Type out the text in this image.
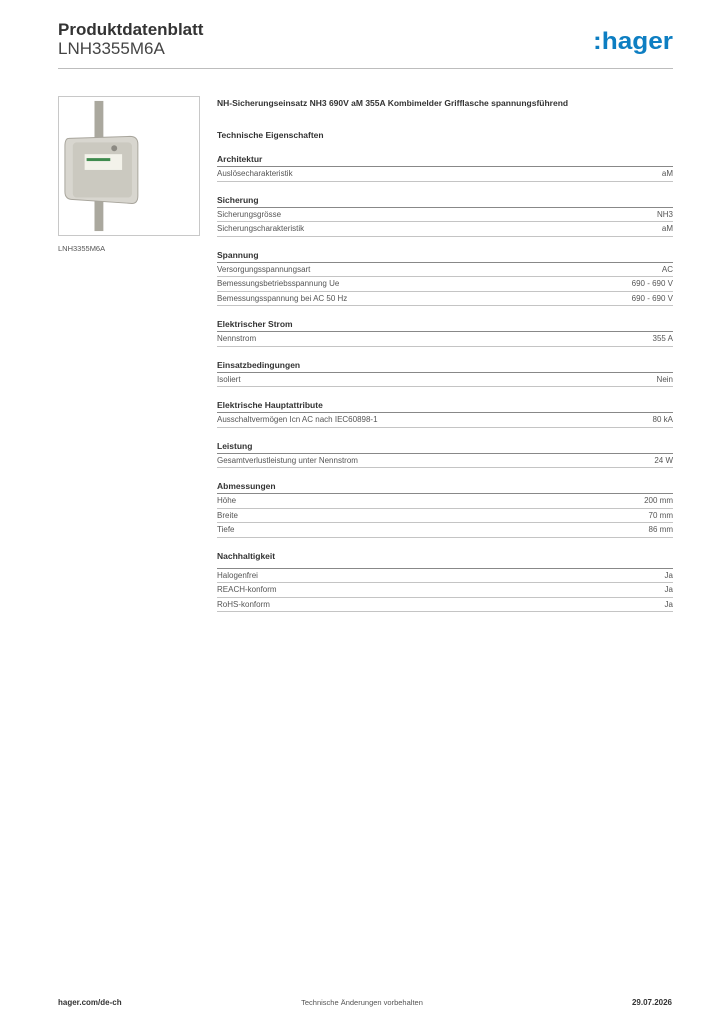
Produktdatenblatt
LNH3355M6A	:hager
LNH3355M6A
NH-Sicherungseinsatz NH3 690V aM 355A Kombimelder Grifflasche spannungsführend
Technische Eigenschaften
Architektur
Auslösecharakteristik	aM
Sicherung
Sicherungsgrösse	NH3
Sicherungscharakteristik	aM
Spannung
Versorgungsspannungsart	AC
Bemessungsbetriebsspannung Ue	690 - 690 V
Bemessungsspannung bei AC 50 Hz	690 - 690 V
Elektrischer Strom
Nennstrom	355 A
Einsatzbedingungen
Isoliert	Nein
Elektrische Hauptattribute
Ausschaltvermögen Icn AC nach IEC60898-1	80 kA
Leistung
Gesamtverlustleistung unter Nennstrom	24 W
Abmessungen
Höhe	200 mm
Breite	70 mm
Tiefe	86 mm
Nachhaltigkeit
Halogenfrei	Ja
REACH-konform	Ja
RoHS-konform	Ja
Technische Änderungen vorbehalten
hager.com/de-ch	29.07.2026
